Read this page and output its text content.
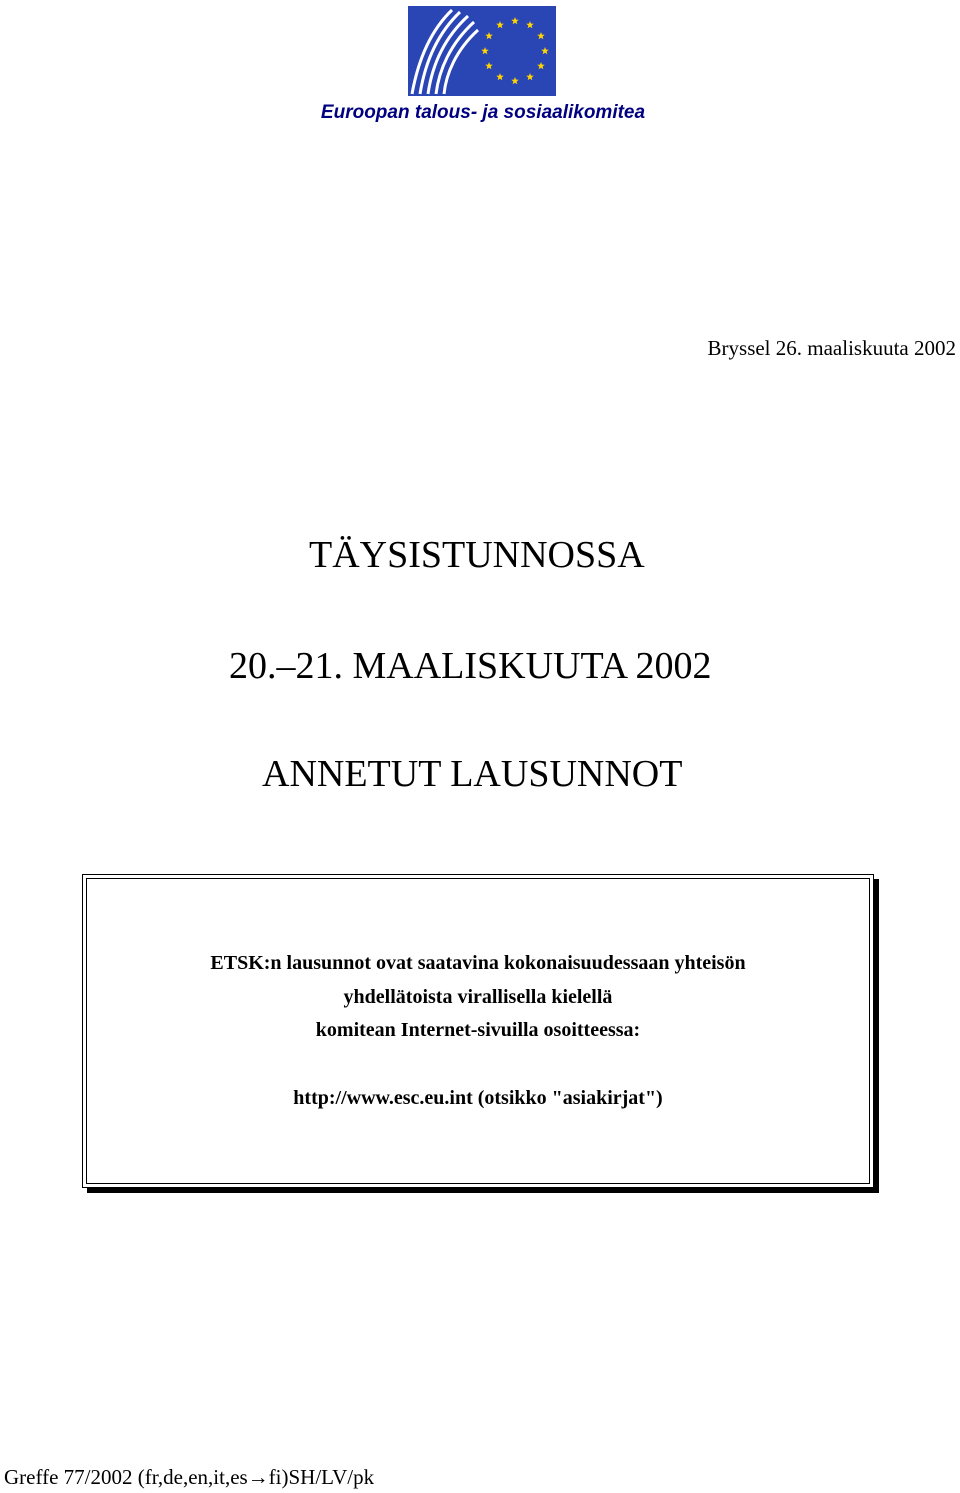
Euroopan talous- ja sosiaalikomitea
Bryssel 26. maaliskuuta 2002
TÄYSISTUNNOSSA
20.–21. MAALISKUUTA 2002
ANNETUT LAUSUNNOT
ETSK:n lausunnot ovat saatavina kokonaisuudessaan yhteisön
yhdellätoista virallisella kielellä
komitean Internet-sivuilla osoitteessa:
http://www.esc.eu.int (otsikko "asiakirjat")
Greffe 77/2002 (fr,de,en,it,es→fi)SH/LV/pk
